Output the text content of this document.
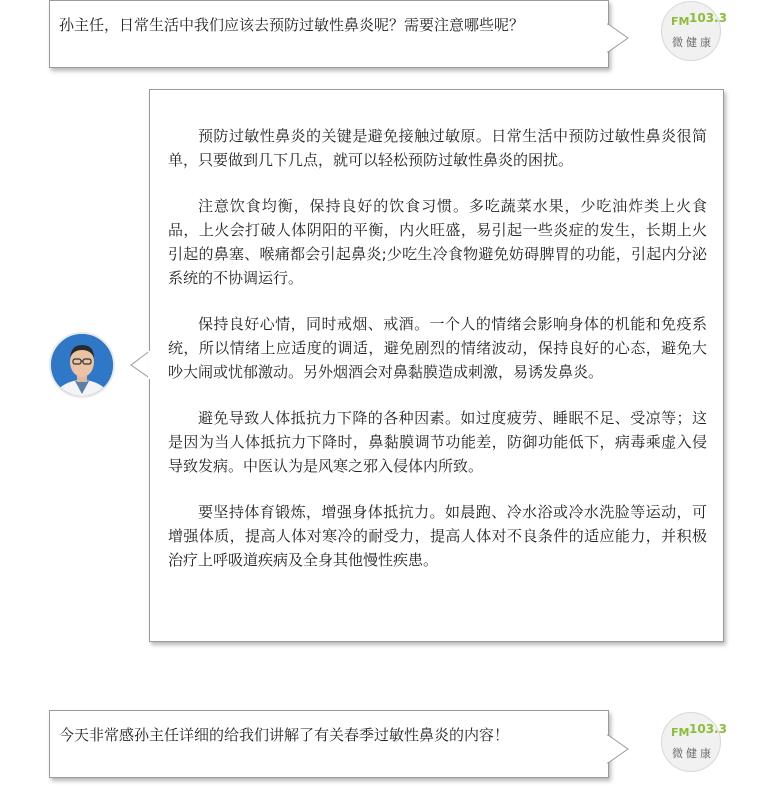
孙主任，日常生活中我们应该去预防过敏性鼻炎呢？需要注意哪些呢？	FM 103.3
微健康

预防过敏性鼻炎的关键是避免接触过敏原。日常生活中预防过敏性鼻炎很简单，只要做到几下几点，就可以轻松预防过敏性鼻炎的困扰。

注意饮食均衡，保持良好的饮食习惯。多吃蔬菜水果，少吃油炸类上火食品，上火会打破人体阴阳的平衡，内火旺盛，易引起一些炎症的发生，长期上火引起的鼻塞、喉痛都会引起鼻炎;少吃生冷食物避免妨碍脾胃的功能，引起内分泌系统的不协调运行。

保持良好心情，同时戒烟、戒酒。一个人的情绪会影响身体的机能和免疫系统，所以情绪上应适度的调适，避免剧烈的情绪波动，保持良好的心态，避免大吵大闹或忧郁激动。另外烟酒会对鼻黏膜造成刺激，易诱发鼻炎。

避免导致人体抵抗力下降的各种因素。如过度疲劳、睡眠不足、受凉等；这是因为当人体抵抗力下降时，鼻黏膜调节功能差，防御功能低下，病毒乘虚入侵导致发病。中医认为是风寒之邪入侵体内所致。

要坚持体育锻炼，增强身体抵抗力。如晨跑、冷水浴或冷水洗脸等运动，可增强体质，提高人体对寒冷的耐受力，提高人体对不良条件的适应能力，并积极治疗上呼吸道疾病及全身其他慢性疾患。

今天非常感孙主任详细的给我们讲解了有关春季过敏性鼻炎的内容！	FM 103.3
微健康
